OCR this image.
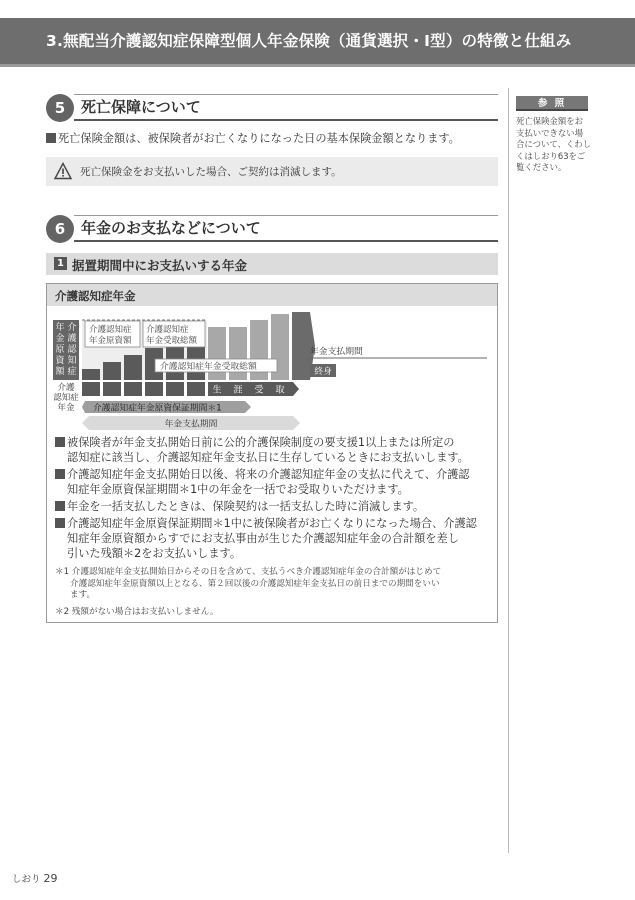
3.無配当介護認知症保障型個人年金保険（通貨選択・Ⅰ型）の特徴と仕組み
5	死亡保障について
死亡保険金額は、被保険者がお亡くなりになった日の基本保険金額となります。
死亡保険金をお支払いした場合、ご契約は消滅します。
6	年金のお支払などについて
1 据置期間中にお支払いする年金
介護認知症年金
年
金
原
資
額
介
護
認
知
症
介護認知症
年金原資額
介護認知症
年金受取総額
介護認知症年金受取総額
年金支払期間
終身
生 涯 受 取
介護
認知症
年金 介護認知症年金原資保証期間＊1
年金支払期間
被保険者が年金支払開始日前に公的介護保険制度の要支援1以上または所定の
認知症に該当し、介護認知症年金支払日に生存しているときにお支払いします。
介護認知症年金支払開始日以後、将来の介護認知症年金の支払に代えて、介護認
知症年金原資保証期間＊1中の年金を一括でお受取りいただけます。
年金を一括支払したときは、保険契約は一括支払した時に消滅します。
介護認知症年金原資保証期間＊1中に被保険者がお亡くなりになった場合、介護認
知症年金原資額からすでにお支払事由が生じた介護認知症年金の合計額を差し
引いた残額＊2をお支払いします。
＊1 介護認知症年金支払開始日からその日を含めて、支払うべき介護認知症年金の合計額がはじめて
介護認知症年金原資額以上となる、第２回以後の介護認知症年金支払日の前日までの期間をいい
ます。
＊2 残額がない場合はお支払いしません。
参 照
死亡保険金額をお
支払いできない場
合について、くわし
くはしおり63をご
覧ください。
しおり 29
